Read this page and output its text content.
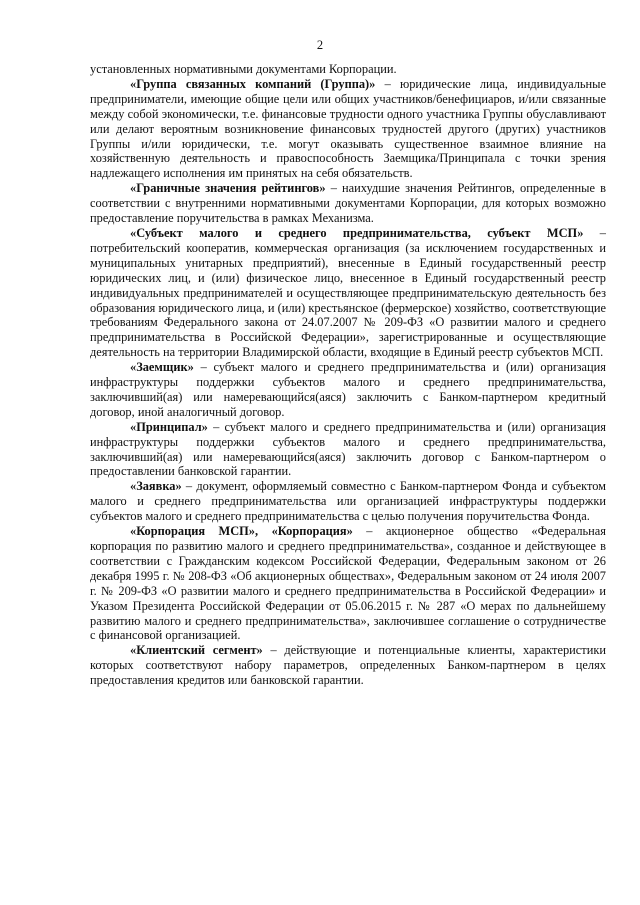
2

установленных нормативными документами Корпорации.

«Группа связанных компаний (Группа)» – юридические лица, индивидуальные предприниматели, имеющие общие цели или общих участников/бенефициаров, и/или связанные между собой экономически, т.е. финансовые трудности одного участника Группы обуславливают или делают вероятным возникновение финансовых трудностей другого (других) участников Группы и/или юридически, т.е. могут оказывать существенное взаимное влияние на хозяйственную деятельность и правоспособность Заемщика/Принципала с точки зрения надлежащего исполнения им принятых на себя обязательств.

«Граничные значения рейтингов» – наихудшие значения Рейтингов, определенные в соответствии с внутренними нормативными документами Корпорации, для которых возможно предоставление поручительства в рамках Механизма.

«Субъект малого и среднего предпринимательства, субъект МСП» – потребительский кооператив, коммерческая организация (за исключением государственных и муниципальных унитарных предприятий), внесенные в Единый государственный реестр юридических лиц, и (или) физическое лицо, внесенное в Единый государственный реестр индивидуальных предпринимателей и осуществляющее предпринимательскую деятельность без образования юридического лица, и (или) крестьянское (фермерское) хозяйство, соответствующие требованиям Федерального закона от 24.07.2007 № 209-ФЗ «О развитии малого и среднего предпринимательства в Российской Федерации», зарегистрированные и осуществляющие деятельность на территории Владимирской области, входящие в Единый реестр субъектов МСП.

«Заемщик» – субъект малого и среднего предпринимательства и (или) организация инфраструктуры поддержки субъектов малого и среднего предпринимательства, заключивший(ая) или намеревающийся(аяся) заключить с Банком-партнером кредитный договор, иной аналогичный договор.

«Принципал» – субъект малого и среднего предпринимательства и (или) организация инфраструктуры поддержки субъектов малого и среднего предпринимательства, заключивший(ая) или намеревающийся(аяся) заключить договор с Банком-партнером о предоставлении банковской гарантии.

«Заявка» – документ, оформляемый совместно с Банком-партнером Фонда и субъектом малого и среднего предпринимательства или организацией инфраструктуры поддержки субъектов малого и среднего предпринимательства с целью получения поручительства Фонда.

«Корпорация МСП», «Корпорация» – акционерное общество «Федеральная корпорация по развитию малого и среднего предпринимательства», созданное и действующее в соответствии с Гражданским кодексом Российской Федерации, Федеральным законом от 26 декабря 1995 г. № 208-ФЗ «Об акционерных обществах», Федеральным законом от 24 июля 2007 г. № 209-ФЗ «О развитии малого и среднего предпринимательства в Российской Федерации» и Указом Президента Российской Федерации от 05.06.2015 г. № 287 «О мерах по дальнейшему развитию малого и среднего предпринимательства», заключившее соглашение о сотрудничестве с финансовой организацией.

«Клиентский сегмент» – действующие и потенциальные клиенты, характеристики которых соответствуют набору параметров, определенных Банком-партнером в целях предоставления кредитов или банковской гарантии.
